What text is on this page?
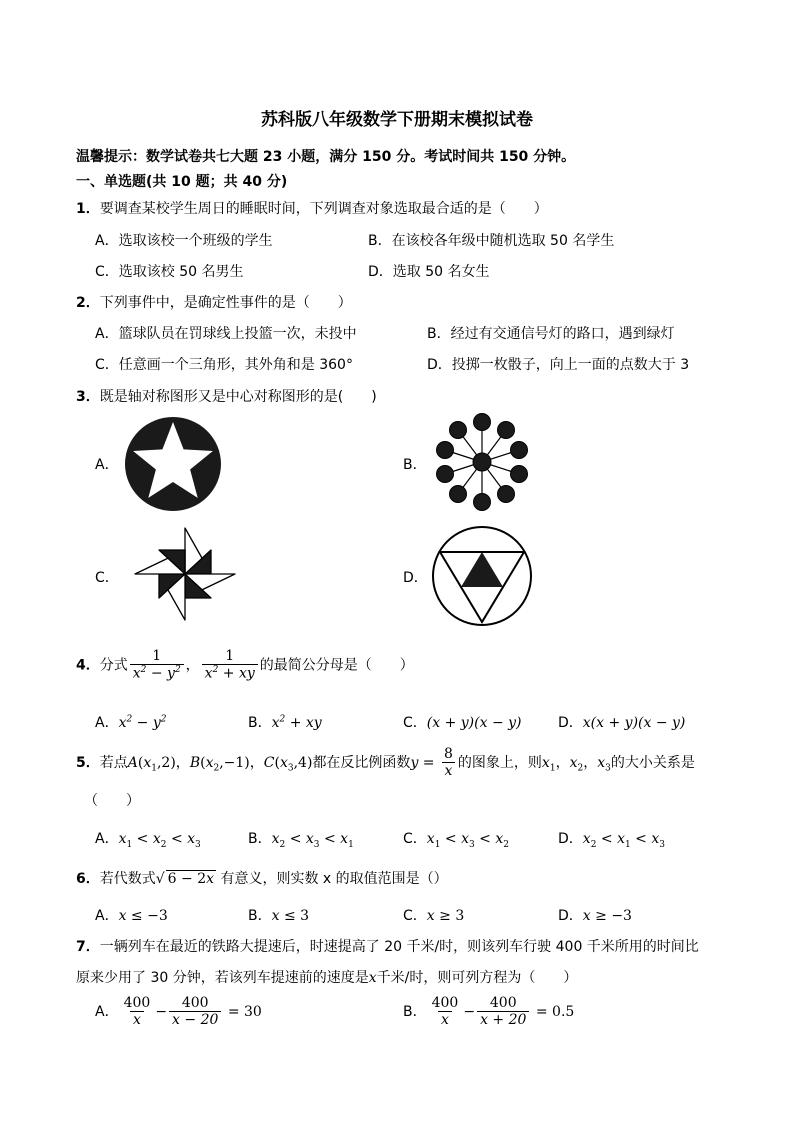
苏科版八年级数学下册期末模拟试卷
温馨提示：数学试卷共七大题 23 小题，满分 150 分。考试时间共 150 分钟。
一、单选题(共 10 题；共 40 分)
1．要调查某校学生周日的睡眠时间，下列调查对象选取最合适的是（　　）
A．选取该校一个班级的学生	B．在该校各年级中随机选取 50 名学生
C．选取该校 50 名男生	D．选取 50 名女生
2．下列事件中，是确定性事件的是（　　）
A．篮球队员在罚球线上投篮一次，未投中	B．经过有交通信号灯的路口，遇到绿灯
C．任意画一个三角形，其外角和是 360°	D．投掷一枚骰子，向上一面的点数大于 3
3．既是轴对称图形又是中心对称图形的是(　　)
A．	B．
C．	D．
4．分式 $\frac{1}{x^2 - y^2}$ ， $\frac{1}{x^2 + xy}$ 的最简公分母是（　　）
A．$x^2 - y^2$	B．$x^2$ + xy	C．(x + y)(x − y)	D．x(x + y)(x − y)
5．若点$A(x_1,2)$，$B(x_2,-1)$，$C(x_3,4)$都在反比例函数$y = \frac{8}{x}$ 的图象上，则$x_1$，$x_2$，$x_3$的大小关系是
（　　）
A．$x_1 < x_2 < x_3$	B．$x_2 < x_3 < x_1$	C．$x_1 < x_3 < x_2$	D．$x_2 < x_1 < x_3$
6．若代数式√ 6 − 2x 有意义，则实数 x 的取值范围是（）
A．x ≤ −3	B．x ≤ 3	C．x ≥ 3	D．x ≥ −3
7．一辆列车在最近的铁路大提速后，时速提高了 20 千米/时，则该列车行驶 400 千米所用的时间比
原来少用了 30 分钟，若该列车提速前的速度是x千米/时，则可列方程为（　　）
A． $\frac{400}{x} - \frac{400}{x - 20} = 30$	B． $\frac{400}{x} - \frac{400}{x + 20} = 0.5$
